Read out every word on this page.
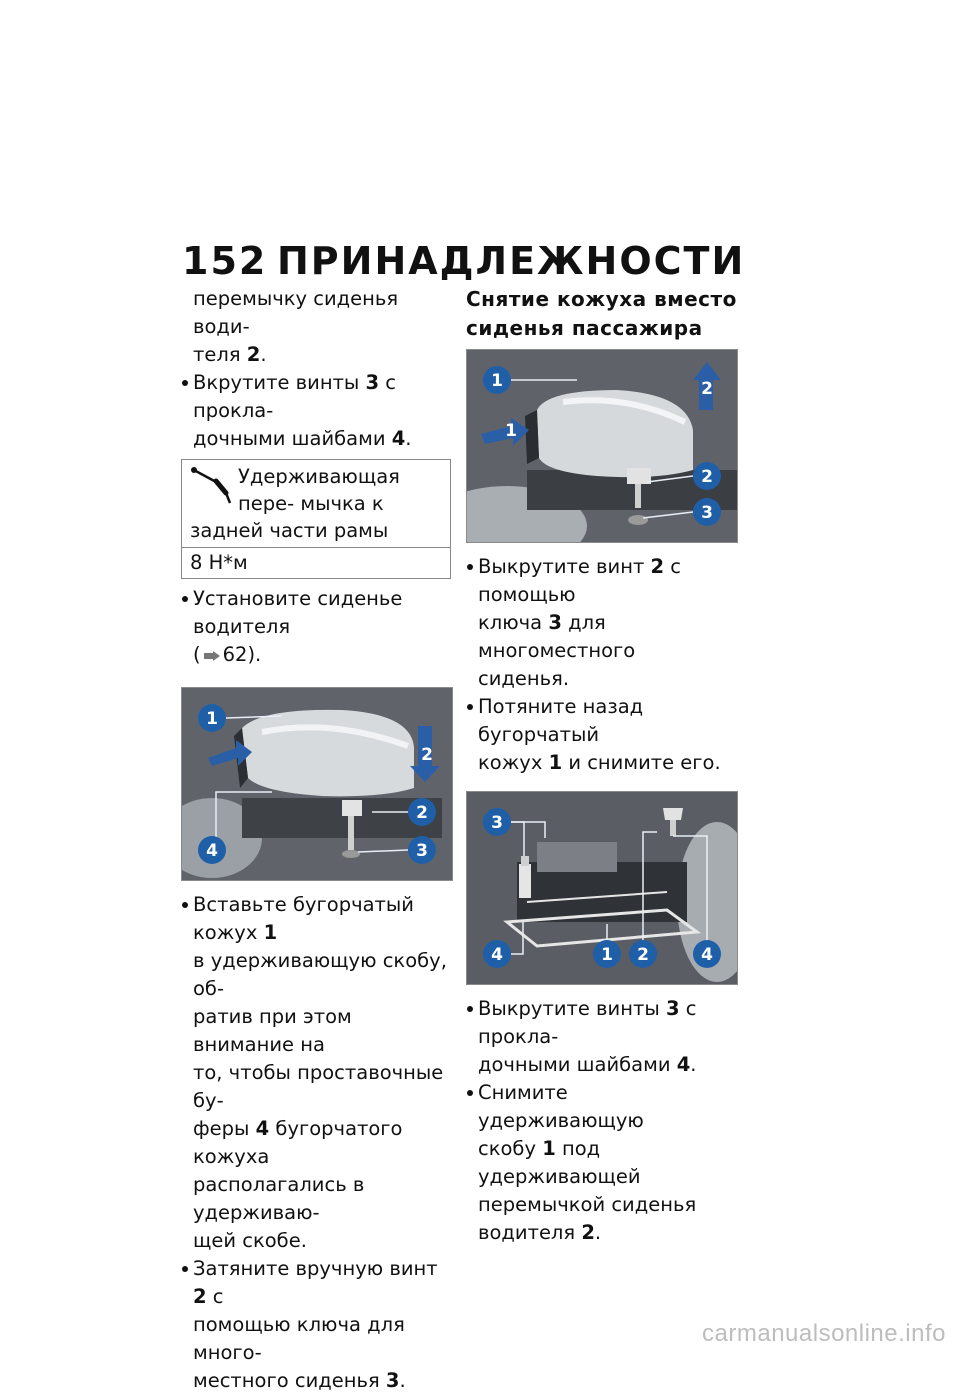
152 ПРИНАДЛЕЖНОСТИ

перемычку сиденья води-
теля 2.

Вкрутите винты 3 с прокла-
дочными шайбами 4.

Удерживающая пере- мычка к задней части рамы
8 Н*м

Установите сиденье водителя
( 62).

1
2
2
3
4

Вставьте бугорчатый кожух 1
в удерживающую скобу, об-
ратив при этом внимание на
то, чтобы проставочные бу-
феры 4 бугорчатого кожуха
располагались в удерживаю-
щей скобе.

Затяните вручную винт 2 с
помощью ключа для много-
местного сиденья 3.

Снятие кожуха вместо
сиденья пассажира
1
1
2
2
3

Выкрутите винт 2 с помощью
ключа 3 для многоместного
сиденья.

Потяните назад бугорчатый
кожух 1 и снимите его.

3
4	1 2	4

Выкрутите винты 3 с прокла-
дочными шайбами 4.

Снимите удерживающую
скобу 1 под удерживающей
перемычкой сиденья
водителя 2.

carmanualsonline.info
